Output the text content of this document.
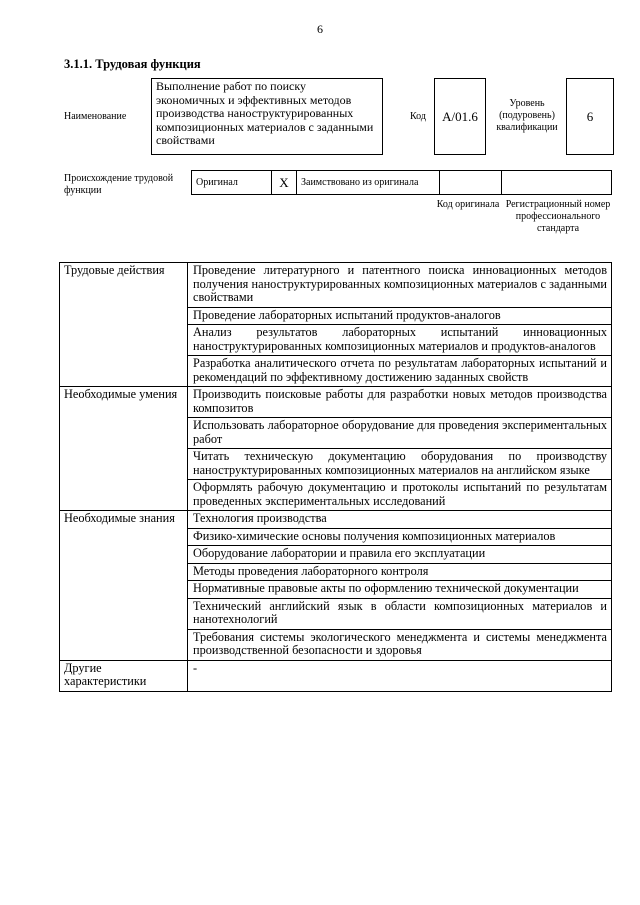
6
3.1.1. Трудовая функция
Наименование
Выполнение работ по поиску экономичных и эффективных методов производства наноструктурированных композиционных материалов с заданными свойствами
Код	A/01.6
Уровень (подуровень) квалификации
6
Происхождение трудовой функции
Оригинал	X	Заимствовано из оригинала		
Код оригинала Регистрационный номер профессионального стандарта
Трудовые действия	Проведение литературного и патентного поиска инновационных методов получения наноструктурированных композиционных материалов с заданными свойствами
	Проведение лабораторных испытаний продуктов-аналогов
	Анализ результатов лабораторных испытаний инновационных наноструктурированных композиционных материалов и продуктов-аналогов
	Разработка аналитического отчета по результатам лабораторных испытаний и рекомендаций по эффективному достижению заданных свойств
Необходимые умения	Производить поисковые работы для разработки новых методов производства композитов
	Использовать лабораторное оборудование для проведения экспериментальных работ
	Читать техническую документацию оборудования по производству наноструктурированных композиционных материалов на английском языке
	Оформлять рабочую документацию и протоколы испытаний по результатам проведенных экспериментальных исследований
Необходимые знания	Технология производства
	Физико-химические основы получения композиционных материалов
	Оборудование лаборатории и правила его эксплуатации
	Методы проведения лабораторного контроля
	Нормативные правовые акты по оформлению технической документации
	Технический английский язык в области композиционных материалов и нанотехнологий
	Требования системы экологического менеджмента и системы менеджмента производственной безопасности и здоровья
Другие характеристики	-
